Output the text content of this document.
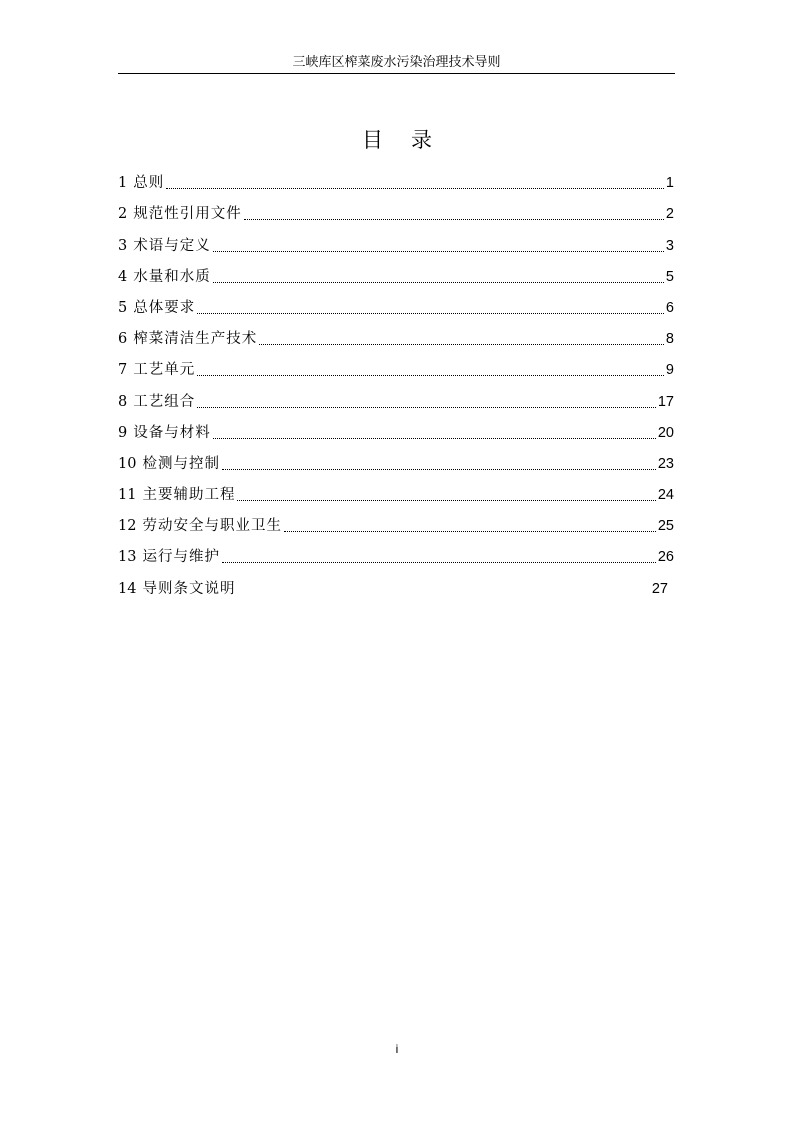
三峡库区榨菜废水污染治理技术导则
目录
1 总则	1
2 规范性引用文件	2
3 术语与定义	3
4 水量和水质	5
5 总体要求	6
6 榨菜清洁生产技术	8
7 工艺单元	9
8 工艺组合	17
9 设备与材料	20
10 检测与控制	23
11 主要辅助工程	24
12 劳动安全与职业卫生	25
13 运行与维护	26
14 导则条文说明	27
i
